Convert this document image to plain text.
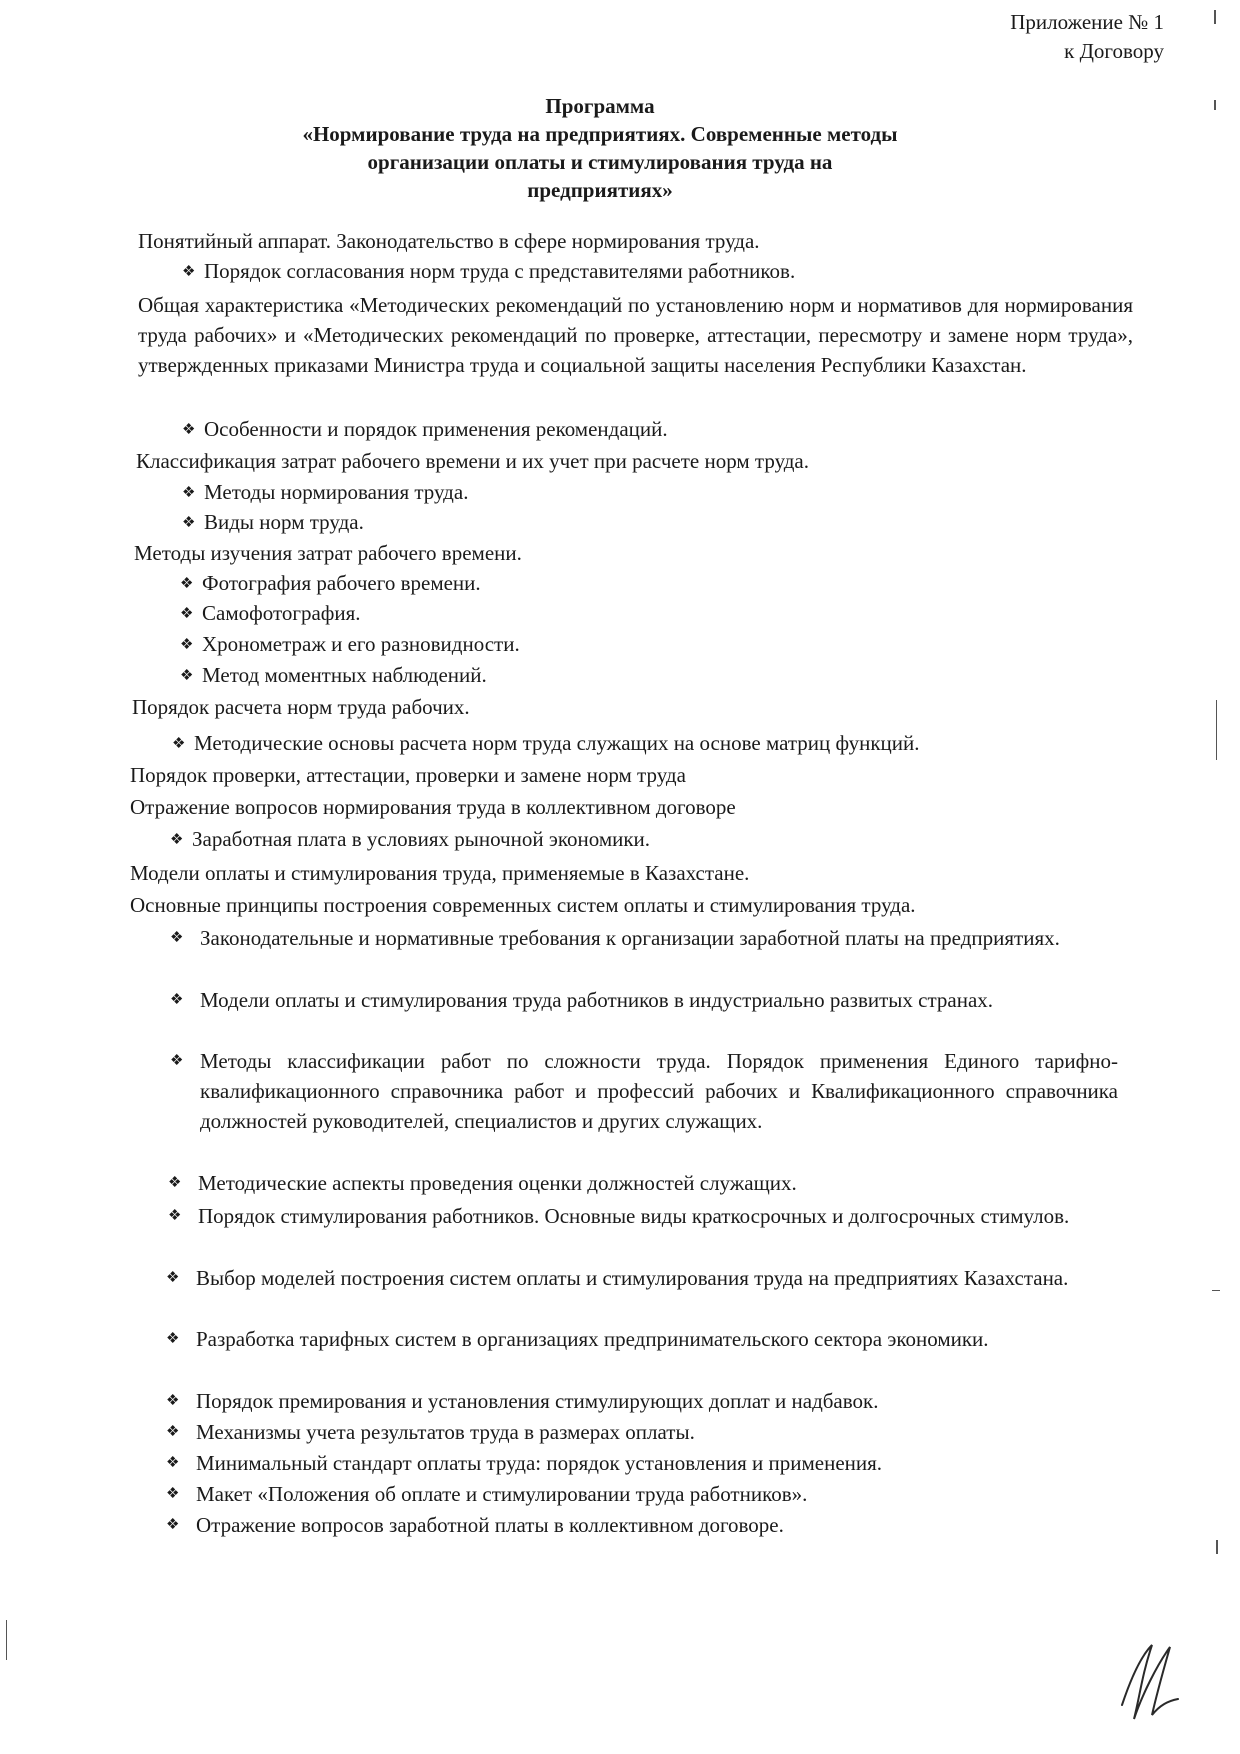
Приложение № 1
к Договору
Программа
«Нормирование труда на предприятиях. Современные методы
организации оплаты и стимулирования труда на
предприятиях»
Понятийный аппарат. Законодательство в сфере нормирования труда.
❖ Порядок согласования норм труда с представителями работников.
Общая характеристика «Методических рекомендаций по установлению норм и нормативов для нормирования труда рабочих» и «Методических рекомендаций по проверке, аттестации, пересмотру и замене норм труда», утвержденных приказами Министра труда и социальной защиты населения Республики Казахстан.
❖ Особенности и порядок применения рекомендаций.
Классификация затрат рабочего времени и их учет при расчете норм труда.
❖ Методы нормирования труда.
❖ Виды норм труда.
Методы изучения затрат рабочего времени.
❖ Фотография рабочего времени.
❖ Самофотография.
❖ Хронометраж и его разновидности.
❖ Метод моментных наблюдений.
Порядок расчета норм труда рабочих.
❖ Методические основы расчета норм труда служащих на основе матриц функций.
Порядок проверки, аттестации, проверки и замене норм труда
Отражение вопросов нормирования труда в коллективном договоре
❖ Заработная плата в условиях рыночной экономики.
Модели оплаты и стимулирования труда, применяемые в Казахстане.
Основные принципы построения современных систем оплаты и стимулирования труда.
❖ Законодательные и нормативные требования к организации заработной платы на предприятиях.
❖ Модели оплаты и стимулирования труда работников в индустриально развитых странах.
❖ Методы классификации работ по сложности труда. Порядок применения Единого тарифно-квалификационного справочника работ и профессий рабочих и Квалификационного справочника должностей руководителей, специалистов и других служащих.
❖ Методические аспекты проведения оценки должностей служащих.
❖ Порядок стимулирования работников. Основные виды краткосрочных и долгосрочных стимулов.
❖ Выбор моделей построения систем оплаты и стимулирования труда на предприятиях Казахстана.
❖ Разработка тарифных систем в организациях предпринимательского сектора экономики.
❖ Порядок премирования и установления стимулирующих доплат и надбавок.
❖ Механизмы учета результатов труда в размерах оплаты.
❖ Минимальный стандарт оплаты труда: порядок установления и применения.
❖ Макет «Положения об оплате и стимулировании труда работников».
❖ Отражение вопросов заработной платы в коллективном договоре.
